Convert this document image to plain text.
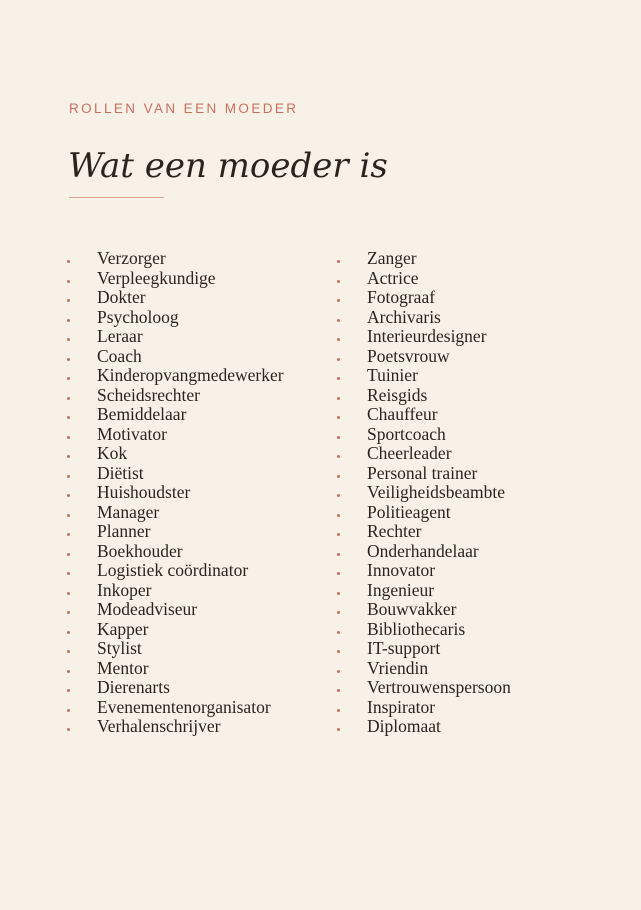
ROLLEN VAN EEN MOEDER
Wat een moeder is
Verzorger
Verpleegkundige
Dokter
Psycholoog
Leraar
Coach
Kinderopvangmedewerker
Scheidsrechter
Bemiddelaar
Motivator
Kok
Diëtist
Huishoudster
Manager
Planner
Boekhouder
Logistiek coördinator
Inkoper
Modeadviseur
Kapper
Stylist
Mentor
Dierenarts
Evenementenorganisator
Verhalenschrijver
Zanger
Actrice
Fotograaf
Archivaris
Interieurdesigner
Poetsvrouw
Tuinier
Reisgids
Chauffeur
Sportcoach
Cheerleader
Personal trainer
Veiligheidsbeambte
Politieagent
Rechter
Onderhandelaar
Innovator
Ingenieur
Bouwvakker
Bibliothecaris
IT-support
Vriendin
Vertrouwenspersoon
Inspirator
Diplomaat
